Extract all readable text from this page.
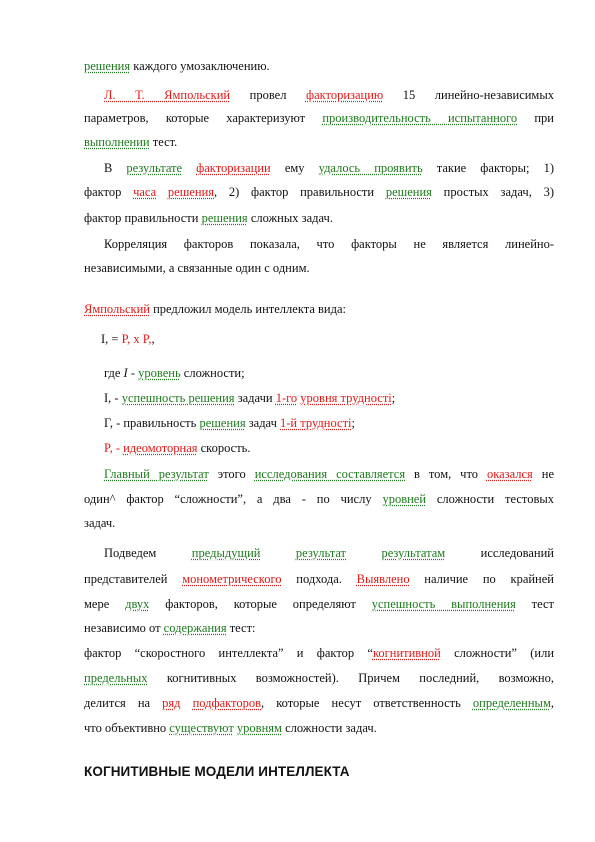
решения каждого умозаключению.

Л. Т. Ямпольский провел факторизацию 15 линейно-независимых

параметров, которые характеризуют производительность испытанного при

выполнении тест.

В результате факторизации ему удалось проявить такие факторы; 1)

фактор часа решения, 2) фактор правильности решения простых задач, 3)

фактор правильности решения сложных задач.

Корреляция факторов показала, что факторы не является линейно-

независимыми, а связанные один с одним.

Ямпольский предложил модель интеллекта вида:

I, = P, x P,,

где I - уровень сложности;

I, - успешность решения задачи 1-го уровня трудності;

Г, - правильность решения задач 1-й трудності;

P, - идеомоторная скорость.

Главный результат этого исследования составляется в том, что оказался не

один^ фактор “сложности”, а два - по числу уровней сложности тестовых

задач.

Подведем	предыдущий	результат	результатам	исследований

представителей монометрического подхода. Выявлено наличие по крайней

мере двух факторов, которые определяют успешность выполнения тест

независимо от содержания тест:

фактор “скоростного интеллекта” и фактор “когнитивной сложности” (или

предельных когнитивных возможностей). Причем последний, возможно,

делится на ряд подфакторов, которые несут ответственность определенным,

что объективно существуют уровням сложности задач.

КОГНИТИВНЫЕ МОДЕЛИ ИНТЕЛЛЕКТА
